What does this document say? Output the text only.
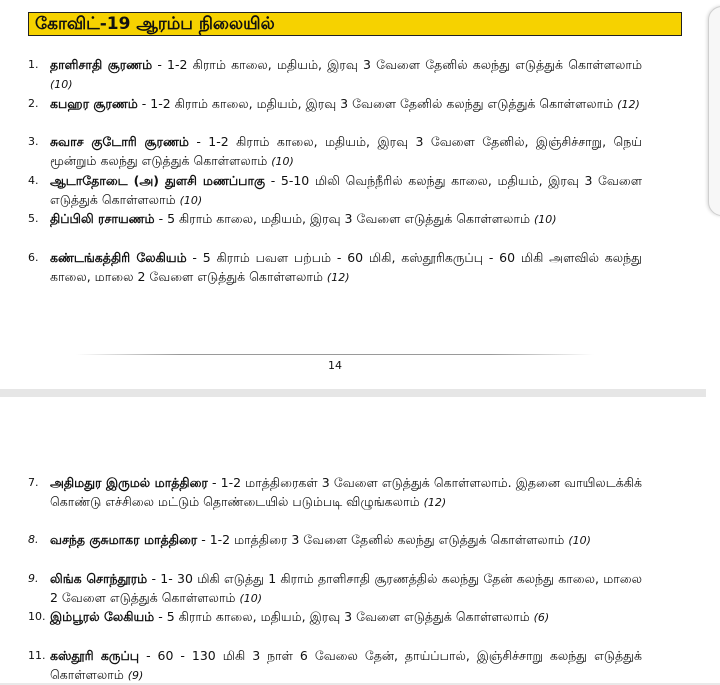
கோவிட்-19 ஆரம்ப நிலையில்
1. தாளிசாதி சூரணம் - 1-2 கிராம் காலை, மதியம், இரவு 3 வேளை தேனில் கலந்து எடுத்துக் கொள்ளலாம் (10)
2. கபஹர சூரணம் - 1-2 கிராம் காலை, மதியம், இரவு 3 வேளை தேனில் கலந்து எடுத்துக் கொள்ளலாம் (12)
3. சுவாச குடோரி சூரணம் - 1-2 கிராம் காலை, மதியம், இரவு 3 வேளை தேனில், இஞ்சிச்சாறு, நெய் மூன்றும் கலந்து எடுத்துக் கொள்ளலாம் (10)
4. ஆடாதோடை (அ) துளசி மணப்பாகு - 5-10 மிலி வெந்நீரில் கலந்து காலை, மதியம், இரவு 3 வேளை எடுத்துக் கொள்ளலாம் (10)
5. திப்பிலி ரசாயணம் - 5 கிராம் காலை, மதியம், இரவு 3 வேளை எடுத்துக் கொள்ளலாம் (10)
6. கண்டங்கத்திரி லேகியம் - 5 கிராம் பவள பற்பம் - 60 மிகி, கஸ்தூரிகருப்பு - 60 மிகி அளவில் கலந்து காலை, மாலை 2 வேளை எடுத்துக் கொள்ளலாம் (12)
14
7. அதிமதுர இருமல் மாத்திரை - 1-2 மாத்திரைகள் 3 வேளை எடுத்துக் கொள்ளலாம். இதனை வாயிலடக்கிக் கொண்டு எச்சிலை மட்டும் தொண்டையில் படும்படி விழுங்கலாம் (12)
8. வசந்த குசுமாகர மாத்திரை - 1-2 மாத்திரை 3 வேளை தேனில் கலந்து எடுத்துக் கொள்ளலாம் (10)
9. லிங்க சொந்தூரம் - 1- 30 மிகி எடுத்து 1 கிராம் தாளிசாதி சூரணத்தில் கலந்து தேன் கலந்து காலை, மாலை 2 வேளை எடுத்துக் கொள்ளலாம் (10)
10. இம்பூரல் லேகியம் - 5 கிராம் காலை, மதியம், இரவு 3 வேளை எடுத்துக் கொள்ளலாம் (6)
11. கஸ்தூரி கருப்பு - 60 - 130 மிகி 3 நாள் 6 வேலை தேன், தாய்ப்பால், இஞ்சிச்சாறு கலந்து எடுத்துக் கொள்ளலாம் (9)
